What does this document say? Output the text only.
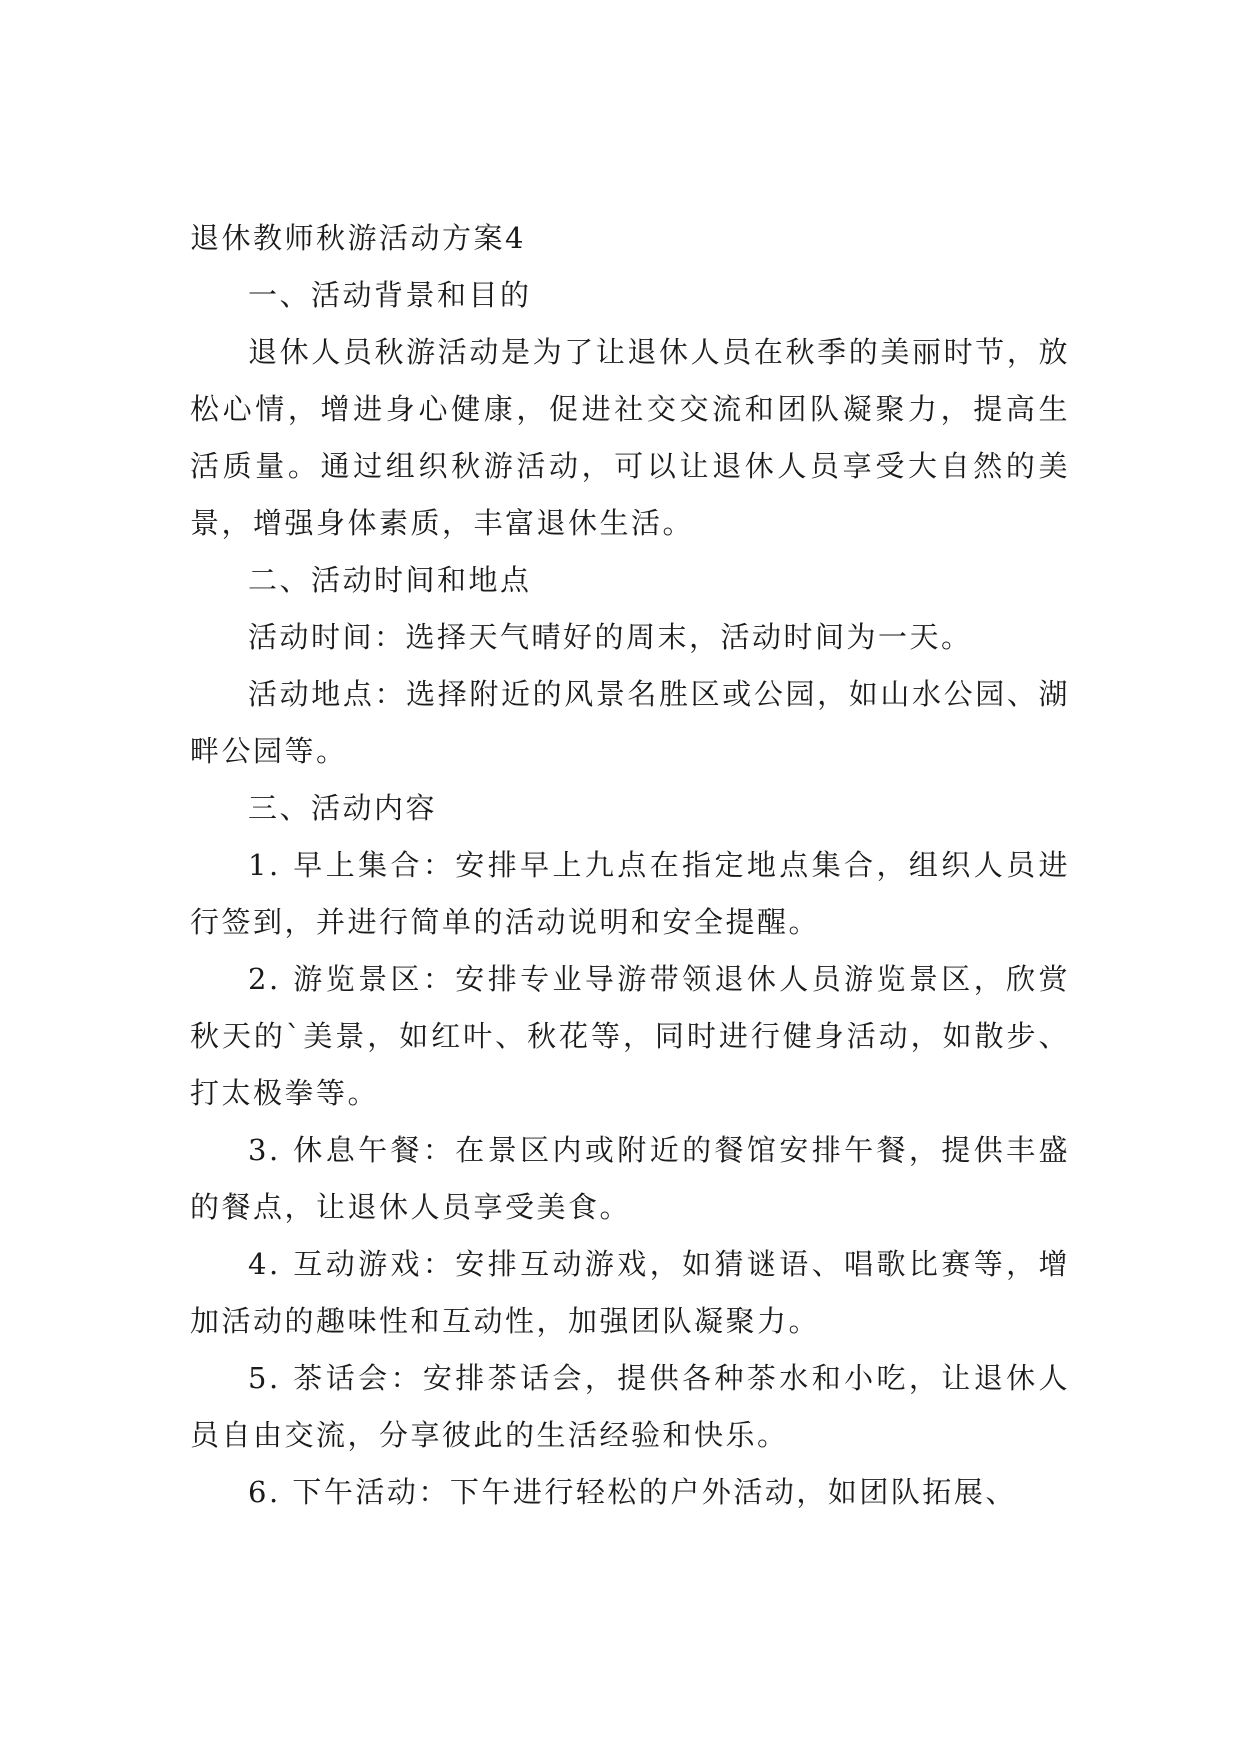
退休教师秋游活动方案4

一、活动背景和目的

退休人员秋游活动是为了让退休人员在秋季的美丽时节，放松心情，增进身心健康，促进社交交流和团队凝聚力，提高生活质量。通过组织秋游活动，可以让退休人员享受大自然的美景，增强身体素质，丰富退休生活。

二、活动时间和地点

活动时间：选择天气晴好的周末，活动时间为一天。

活动地点：选择附近的风景名胜区或公园，如山水公园、湖畔公园等。

三、活动内容

1. 早上集合：安排早上九点在指定地点集合，组织人员进行签到，并进行简单的活动说明和安全提醒。

2. 游览景区：安排专业导游带领退休人员游览景区，欣赏秋天的`美景，如红叶、秋花等，同时进行健身活动，如散步、打太极拳等。

3. 休息午餐：在景区内或附近的餐馆安排午餐，提供丰盛的餐点，让退休人员享受美食。

4. 互动游戏：安排互动游戏，如猜谜语、唱歌比赛等，增加活动的趣味性和互动性，加强团队凝聚力。

5. 茶话会：安排茶话会，提供各种茶水和小吃，让退休人员自由交流，分享彼此的生活经验和快乐。

6. 下午活动：下午进行轻松的户外活动，如团队拓展、
